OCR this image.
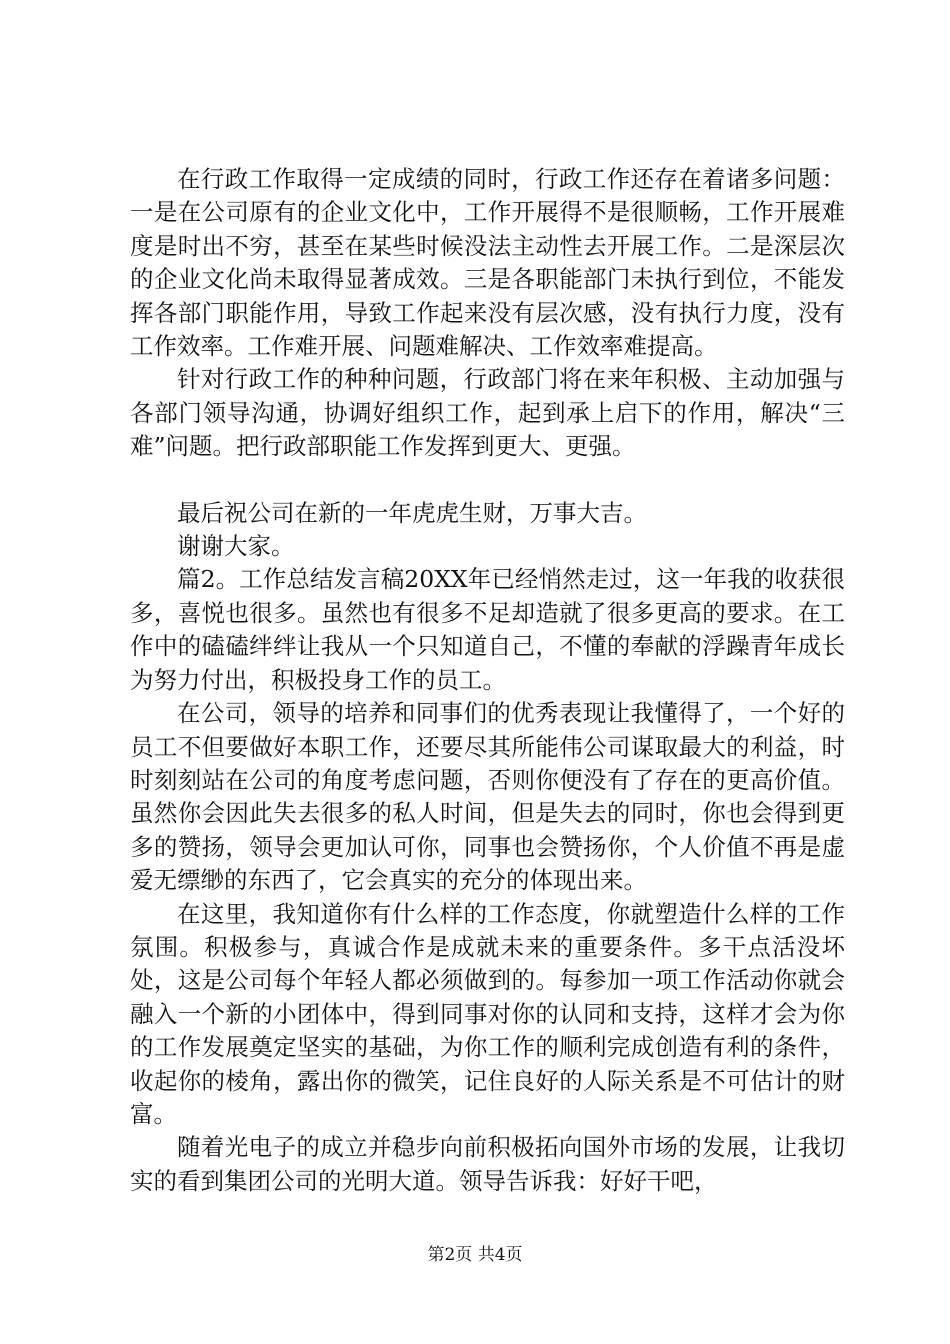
在行政工作取得一定成绩的同时，行政工作还存在着诸多问题：一是在公司原有的企业文化中，工作开展得不是很顺畅，工作开展难度是时出不穷，甚至在某些时候没法主动性去开展工作。二是深层次的企业文化尚未取得显著成效。三是各职能部门未执行到位，不能发挥各部门职能作用，导致工作起来没有层次感，没有执行力度，没有工作效率。工作难开展、问题难解决、工作效率难提高。

针对行政工作的种种问题，行政部门将在来年积极、主动加强与各部门领导沟通，协调好组织工作，起到承上启下的作用，解决“三难”问题。把行政部职能工作发挥到更大、更强。

最后祝公司在新的一年虎虎生财，万事大吉。

谢谢大家。

篇2。工作总结发言稿20XX年已经悄然走过，这一年我的收获很多，喜悦也很多。虽然也有很多不足却造就了很多更高的要求。在工作中的磕磕绊绊让我从一个只知道自己，不懂的奉献的浮躁青年成长为努力付出，积极投身工作的员工。

在公司，领导的培养和同事们的优秀表现让我懂得了，一个好的员工不但要做好本职工作，还要尽其所能伟公司谋取最大的利益，时时刻刻站在公司的角度考虑问题，否则你便没有了存在的更高价值。虽然你会因此失去很多的私人时间，但是失去的同时，你也会得到更多的赞扬，领导会更加认可你，同事也会赞扬你，个人价值不再是虚爱无缥缈的东西了，它会真实的充分的体现出来。

在这里，我知道你有什么样的工作态度，你就塑造什么样的工作氛围。积极参与，真诚合作是成就未来的重要条件。多干点活没坏处，这是公司每个年轻人都必须做到的。每参加一项工作活动你就会融入一个新的小团体中，得到同事对你的认同和支持，这样才会为你的工作发展奠定坚实的基础，为你工作的顺利完成创造有利的条件，收起你的棱角，露出你的微笑，记住良好的人际关系是不可估计的财富。

随着光电子的成立并稳步向前积极拓向国外市场的发展，让我切实的看到集团公司的光明大道。领导告诉我：好好干吧，

第2页 共4页
